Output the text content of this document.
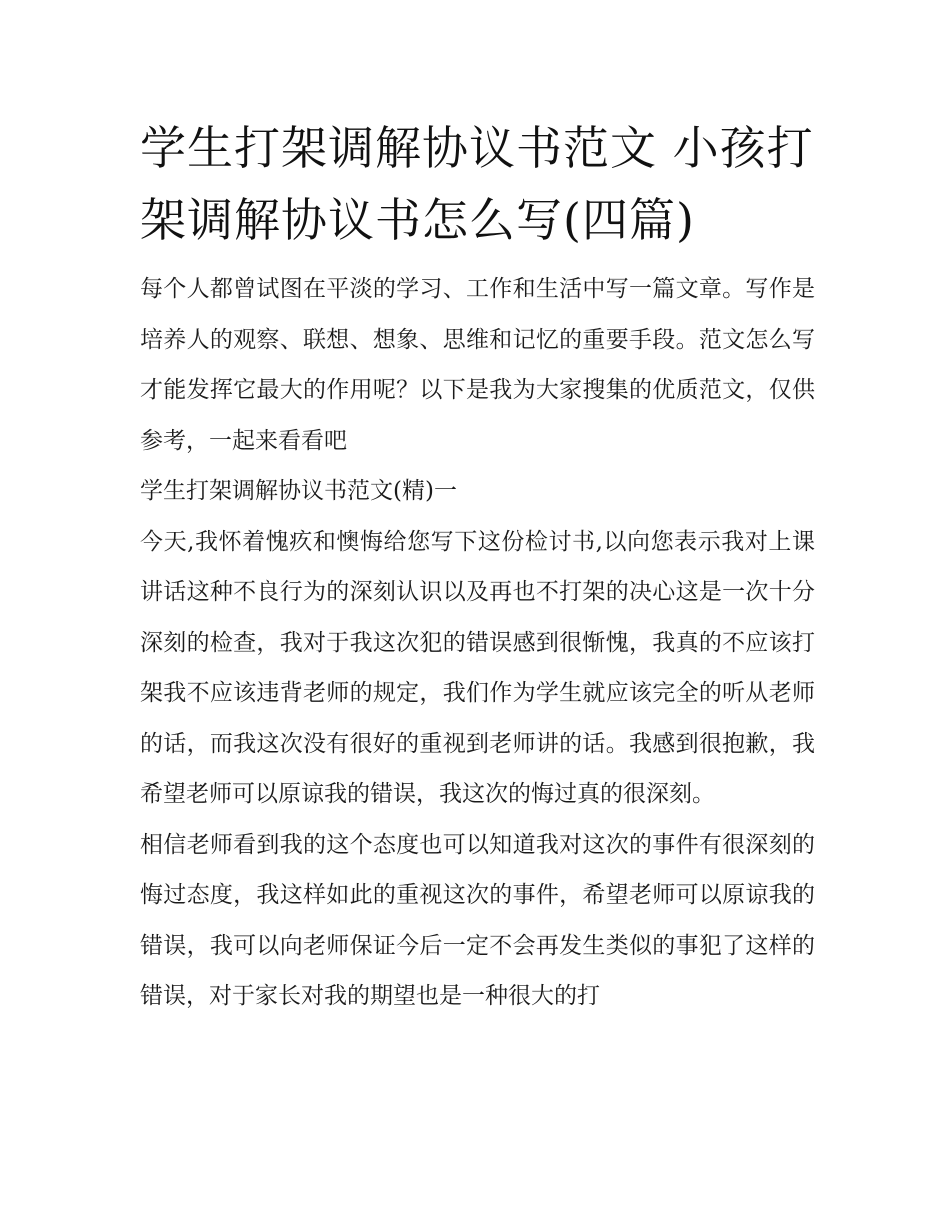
学生打架调解协议书范文 小孩打架调解协议书怎么写(四篇)

每个人都曾试图在平淡的学习、工作和生活中写一篇文章。写作是培养人的观察、联想、想象、思维和记忆的重要手段。范文怎么写才能发挥它最大的作用呢？以下是我为大家搜集的优质范文，仅供参考，一起来看看吧

学生打架调解协议书范文(精)一

今天,我怀着愧疚和懊悔给您写下这份检讨书,以向您表示我对上课讲话这种不良行为的深刻认识以及再也不打架的决心这是一次十分深刻的检查，我对于我这次犯的错误感到很惭愧，我真的不应该打架我不应该违背老师的规定，我们作为学生就应该完全的听从老师的话，而我这次没有很好的重视到老师讲的话。我感到很抱歉，我希望老师可以原谅我的错误，我这次的悔过真的很深刻。

相信老师看到我的这个态度也可以知道我对这次的事件有很深刻的悔过态度，我这样如此的重视这次的事件，希望老师可以原谅我的错误，我可以向老师保证今后一定不会再发生类似的事犯了这样的错误，对于家长对我的期望也是一种很大的打
